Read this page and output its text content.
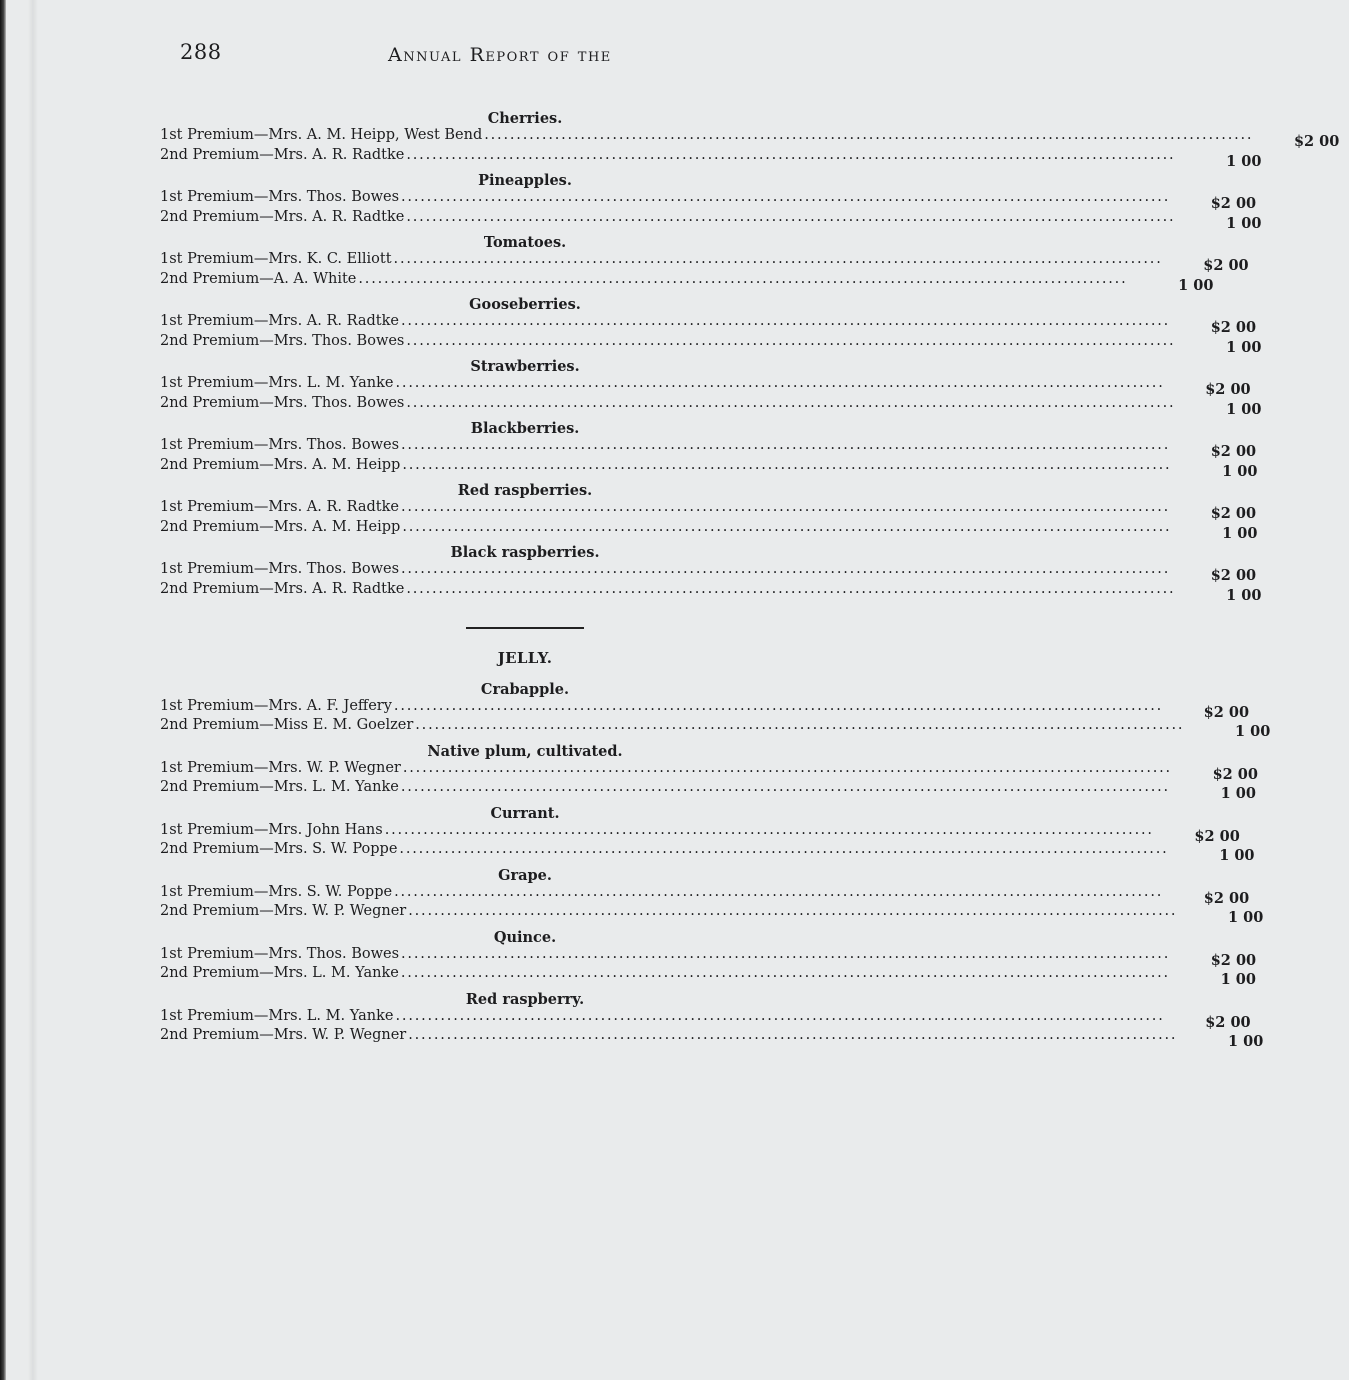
288	Annual Report of the
Cherries.
1st Premium—Mrs. A. M. Heipp, West Bend ........................................................................................................................	$2 00
2nd Premium—Mrs. A. R. Radtke ........................................................................................................................	1 00
Pineapples.
1st Premium—Mrs. Thos. Bowes ........................................................................................................................	$2 00
2nd Premium—Mrs. A. R. Radtke ........................................................................................................................	1 00
Tomatoes.
1st Premium—Mrs. K. C. Elliott ........................................................................................................................	$2 00
2nd Premium—A. A. White ........................................................................................................................	1 00
Gooseberries.
1st Premium—Mrs. A. R. Radtke ........................................................................................................................	$2 00
2nd Premium—Mrs. Thos. Bowes ........................................................................................................................	1 00
Strawberries.
1st Premium—Mrs. L. M. Yanke ........................................................................................................................	$2 00
2nd Premium—Mrs. Thos. Bowes ........................................................................................................................	1 00
Blackberries.
1st Premium—Mrs. Thos. Bowes ........................................................................................................................	$2 00
2nd Premium—Mrs. A. M. Heipp ........................................................................................................................	1 00
Red raspberries.
1st Premium—Mrs. A. R. Radtke ........................................................................................................................	$2 00
2nd Premium—Mrs. A. M. Heipp ........................................................................................................................	1 00
Black raspberries.
1st Premium—Mrs. Thos. Bowes ........................................................................................................................	$2 00
2nd Premium—Mrs. A. R. Radtke ........................................................................................................................	1 00
JELLY.
Crabapple.
1st Premium—Mrs. A. F. Jeffery ........................................................................................................................	$2 00
2nd Premium—Miss E. M. Goelzer ........................................................................................................................	1 00
Native plum, cultivated.
1st Premium—Mrs. W. P. Wegner ........................................................................................................................	$2 00
2nd Premium—Mrs. L. M. Yanke ........................................................................................................................	1 00
Currant.
1st Premium—Mrs. John Hans ........................................................................................................................	$2 00
2nd Premium—Mrs. S. W. Poppe ........................................................................................................................	1 00
Grape.
1st Premium—Mrs. S. W. Poppe ........................................................................................................................	$2 00
2nd Premium—Mrs. W. P. Wegner ........................................................................................................................	1 00
Quince.
1st Premium—Mrs. Thos. Bowes ........................................................................................................................	$2 00
2nd Premium—Mrs. L. M. Yanke ........................................................................................................................	1 00
Red raspberry.
1st Premium—Mrs. L. M. Yanke ........................................................................................................................	$2 00
2nd Premium—Mrs. W. P. Wegner ........................................................................................................................	1 00
